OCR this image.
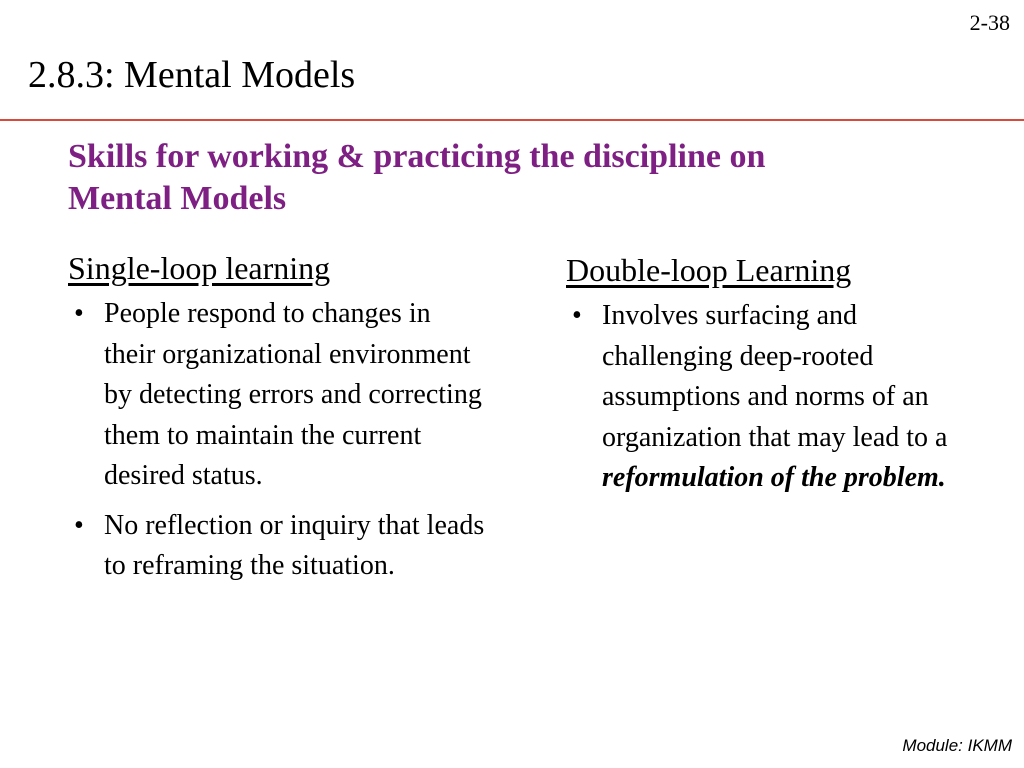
2-38
2.8.3: Mental Models
Skills for working & practicing the discipline on
Mental Models
Single-loop learning
• People respond to changes in their organizational environment by detecting errors and correcting them to maintain the current desired status.
• No reflection or inquiry that leads to reframing the situation.
Double-loop Learning
• Involves surfacing and challenging deep-rooted assumptions and norms of an organization that may lead to a reformulation of the problem.
Module: IKMM
